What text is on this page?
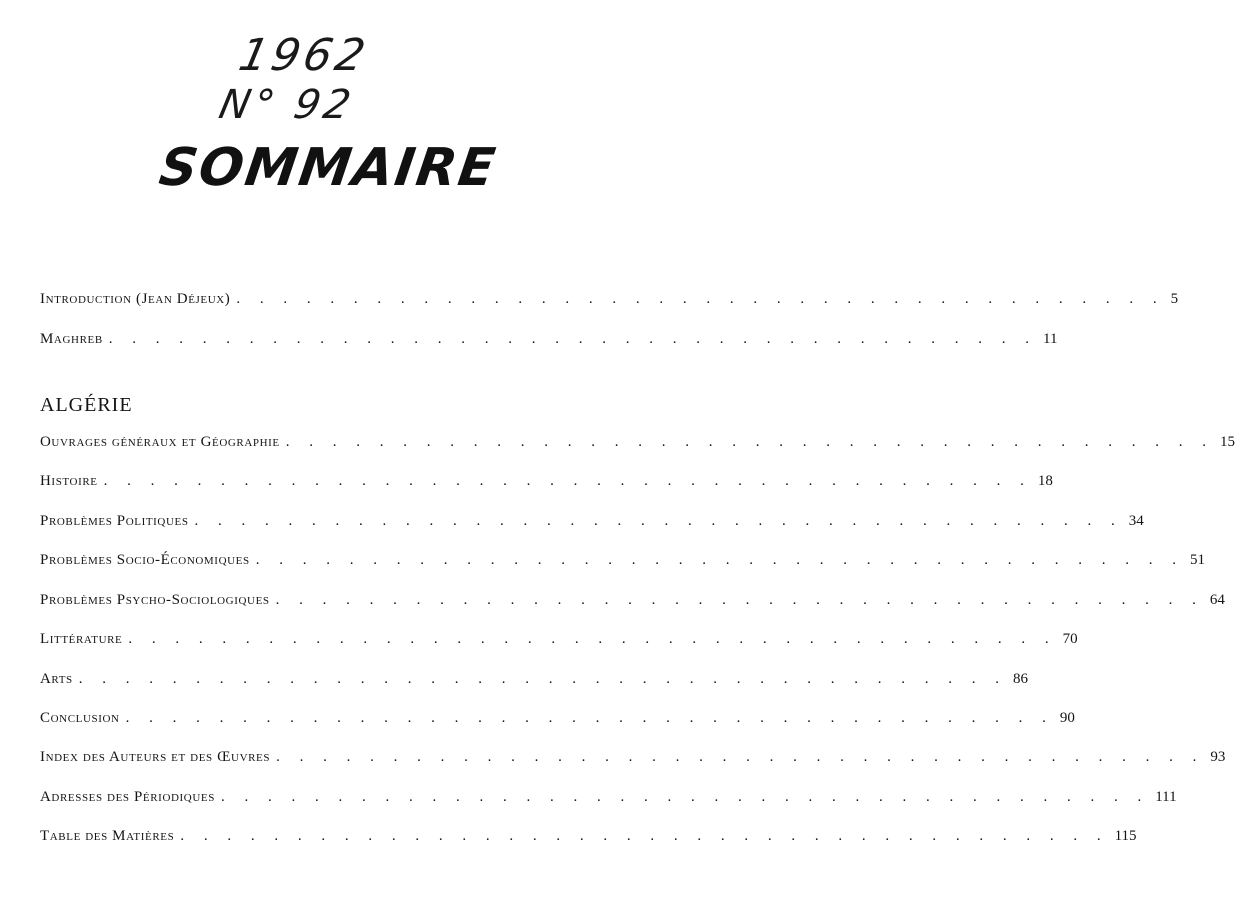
1962
N° 92
SOMMAIRE
Introduction (Jean Déjeux) . . . . . . . . . . . . . . . . . . . . . . . . . . . . . . . . . . . . . . . . 5
Maghreb . . . . . . . . . . . . . . . . . . . . . . . . . . . . . . . . . . . . . . . . 11
ALGÉRIE
Ouvrages généraux et Géographie . . . . . . . . . . . . . . . . . . . . . . . . . . . . . . . . . . . . . . . . 15
Histoire . . . . . . . . . . . . . . . . . . . . . . . . . . . . . . . . . . . . . . . . 18
Problèmes Politiques . . . . . . . . . . . . . . . . . . . . . . . . . . . . . . . . . . . . . . . . 34
Problèmes Socio-Économiques . . . . . . . . . . . . . . . . . . . . . . . . . . . . . . . . . . . . . . . . 51
Problèmes Psycho-Sociologiques . . . . . . . . . . . . . . . . . . . . . . . . . . . . . . . . . . . . . . . . 64
Littérature . . . . . . . . . . . . . . . . . . . . . . . . . . . . . . . . . . . . . . . . 70
Arts . . . . . . . . . . . . . . . . . . . . . . . . . . . . . . . . . . . . . . . . 86
Conclusion . . . . . . . . . . . . . . . . . . . . . . . . . . . . . . . . . . . . . . . . 90
Index des Auteurs et des Œuvres . . . . . . . . . . . . . . . . . . . . . . . . . . . . . . . . . . . . . . . . 93
Adresses des Périodiques . . . . . . . . . . . . . . . . . . . . . . . . . . . . . . . . . . . . . . . . 111
Table des Matières . . . . . . . . . . . . . . . . . . . . . . . . . . . . . . . . . . . . . . . . 115
